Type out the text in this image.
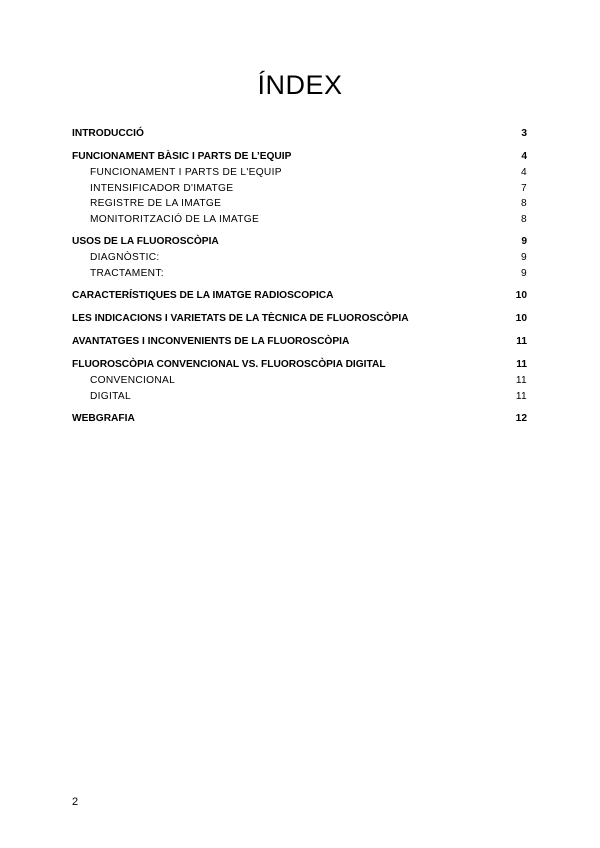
ÍNDEX
INTRODUCCIÓ	3
FUNCIONAMENT BÀSIC I PARTS DE L’EQUIP	4
FUNCIONAMENT I PARTS DE L'EQUIP	4
INTENSIFICADOR D'IMATGE	7
REGISTRE DE LA IMATGE	8
MONITORITZACIÓ DE LA IMATGE	8
USOS DE LA FLUOROSCÒPIA	9
DIAGNÒSTIC:	9
TRACTAMENT:	9
CARACTERÍSTIQUES DE LA IMATGE RADIOSCOPICA	10
LES INDICACIONS I VARIETATS DE LA TÈCNICA DE FLUOROSCÒPIA	10
AVANTATGES I INCONVENIENTS DE LA FLUOROSCÒPIA	11
FLUOROSCÒPIA CONVENCIONAL VS. FLUOROSCÒPIA DIGITAL	11
CONVENCIONAL	11
DIGITAL	11
WEBGRAFIA	12

2
